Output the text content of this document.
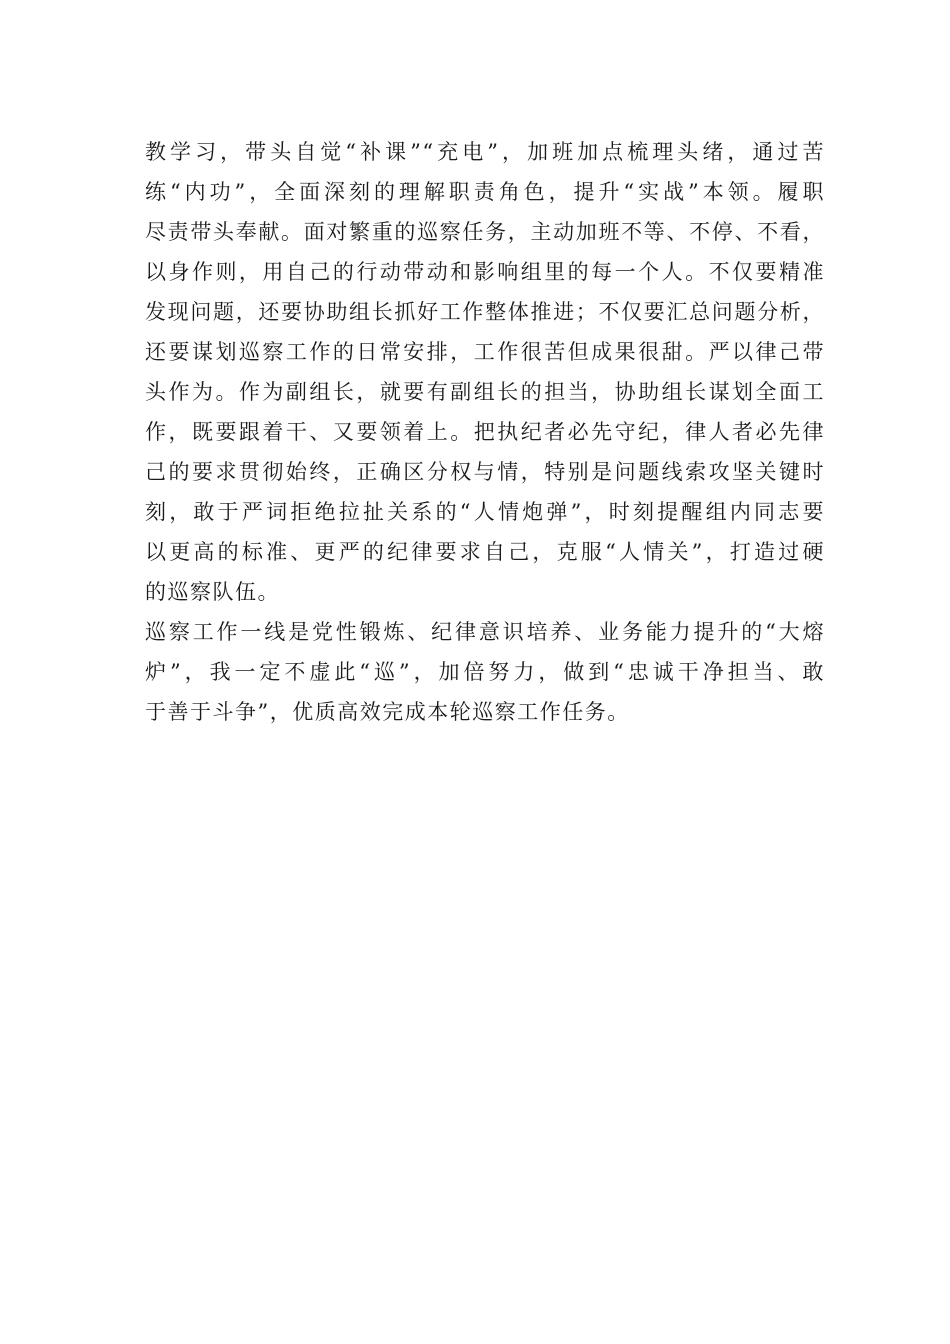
教学习，带头自觉“补课”“充电”，加班加点梳理头绪，通过苦
练“内功”，全面深刻的理解职责角色，提升“实战”本领。履职
尽责带头奉献。面对繁重的巡察任务，主动加班不等、不停、不看，
以身作则，用自己的行动带动和影响组里的每一个人。不仅要精准
发现问题，还要协助组长抓好工作整体推进；不仅要汇总问题分析，
还要谋划巡察工作的日常安排，工作很苦但成果很甜。严以律己带
头作为。作为副组长，就要有副组长的担当，协助组长谋划全面工
作，既要跟着干、又要领着上。把执纪者必先守纪，律人者必先律
己的要求贯彻始终，正确区分权与情，特别是问题线索攻坚关键时
刻，敢于严词拒绝拉扯关系的“人情炮弹”，时刻提醒组内同志要
以更高的标准、更严的纪律要求自己，克服“人情关”，打造过硬
的巡察队伍。
巡察工作一线是党性锻炼、纪律意识培养、业务能力提升的“大熔
炉”，我一定不虚此“巡”，加倍努力，做到“忠诚干净担当、敢
于善于斗争”，优质高效完成本轮巡察工作任务。
